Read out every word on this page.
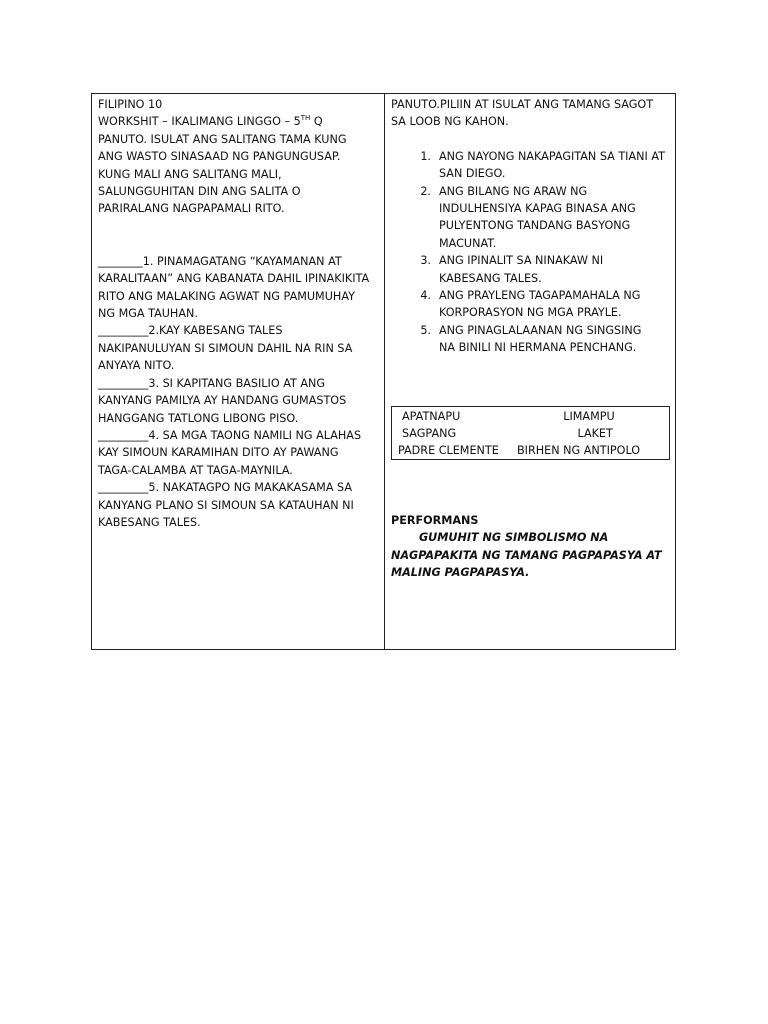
FILIPINO 10
WORKSHIT – IKALIMANG LINGGO – 5TH Q
PANUTO. ISULAT ANG SALITANG TAMA KUNG
ANG WASTO SINASAAD NG PANGUNGUSAP.
KUNG MALI ANG SALITANG MALI,
SALUNGGUHITAN DIN ANG SALITA O
PARIRALANG NAGPAPAMALI RITO.
________1. PINAMAGATANG “KAYAMANAN AT
KARALITAAN” ANG KABANATA DAHIL IPINAKIKITA
RITO ANG MALAKING AGWAT NG PAMUMUHAY
NG MGA TAUHAN.
_________2.KAY KABESANG TALES
NAKIPANULUYAN SI SIMOUN DAHIL NA RIN SA
ANYAYA NITO.
_________3. SI KAPITANG BASILIO AT ANG
KANYANG PAMILYA AY HANDANG GUMASTOS
HANGGANG TATLONG LIBONG PISO.
_________4. SA MGA TAONG NAMILI NG ALAHAS
KAY SIMOUN KARAMIHAN DITO AY PAWANG
TAGA-CALAMBA AT TAGA-MAYNILA.
_________5. NAKATAGPO NG MAKAKASAMA SA
KANYANG PLANO SI SIMOUN SA KATAUHAN NI
KABESANG TALES.
PANUTO.PILIIN AT ISULAT ANG TAMANG SAGOT
SA LOOB NG KAHON.
1. ANG NAYONG NAKAPAGITAN SA TIANI AT
SAN DIEGO.
2. ANG BILANG NG ARAW NG
INDULHENSIYA KAPAG BINASA ANG
PULYENTONG TANDANG BASYONG
MACUNAT.
3. ANG IPINALIT SA NINAKAW NI
KABESANG TALES.
4. ANG PRAYLENG TAGAPAMAHALA NG
KORPORASYON NG MGA PRAYLE.
5. ANG PINAGLALAANAN NG SINGSING
NA BINILI NI HERMANA PENCHANG.
APATNAPU	LIMAMPU
SAGPANG	LAKET
PADRE CLEMENTE	BIRHEN NG ANTIPOLO
PERFORMANS
GUMUHIT NG SIMBOLISMO NA
NAGPAPAKITA NG TAMANG PAGPAPASYA AT
MALING PAGPAPASYA.
